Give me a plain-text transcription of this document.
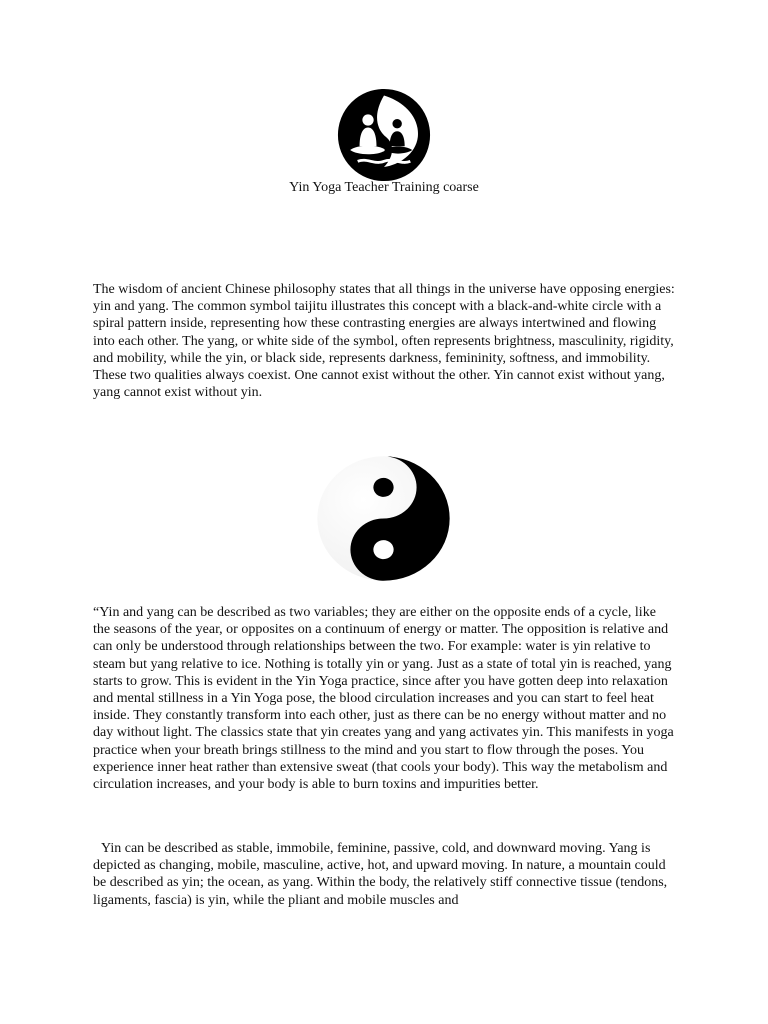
Yin Yoga Teacher Training coarse

The wisdom of ancient Chinese philosophy states that all things in the universe have opposing energies: yin and yang. The common symbol taijitu illustrates this concept with a black-and-white circle with a spiral pattern inside, representing how these contrasting energies are always intertwined and flowing into each other. The yang, or white side of the symbol, often represents brightness, masculinity, rigidity, and mobility, while the yin, or black side, represents darkness, femininity, softness, and immobility. These two qualities always coexist. One cannot exist without the other. Yin cannot exist without yang, yang cannot exist without yin.

“Yin and yang can be described as two variables; they are either on the opposite ends of a cycle, like the seasons of the year, or opposites on a continuum of energy or matter. The opposition is relative and can only be understood through relationships between the two. For example: water is yin relative to steam but yang relative to ice. Nothing is totally yin or yang. Just as a state of total yin is reached, yang starts to grow. This is evident in the Yin Yoga practice, since after you have gotten deep into relaxation and mental stillness in a Yin Yoga pose, the blood circulation increases and you can start to feel heat inside. They constantly transform into each other, just as there can be no energy without matter and no day without light. The classics state that yin creates yang and yang activates yin. This manifests in yoga practice when your breath brings stillness to the mind and you start to flow through the poses. You experience inner heat rather than extensive sweat (that cools your body). This way the metabolism and circulation increases, and your body is able to burn toxins and impurities better.

Yin can be described as stable, immobile, feminine, passive, cold, and downward moving. Yang is depicted as changing, mobile, masculine, active, hot, and upward moving. In nature, a mountain could be described as yin; the ocean, as yang. Within the body, the relatively stiff connective tissue (tendons, ligaments, fascia) is yin, while the pliant and mobile muscles and
